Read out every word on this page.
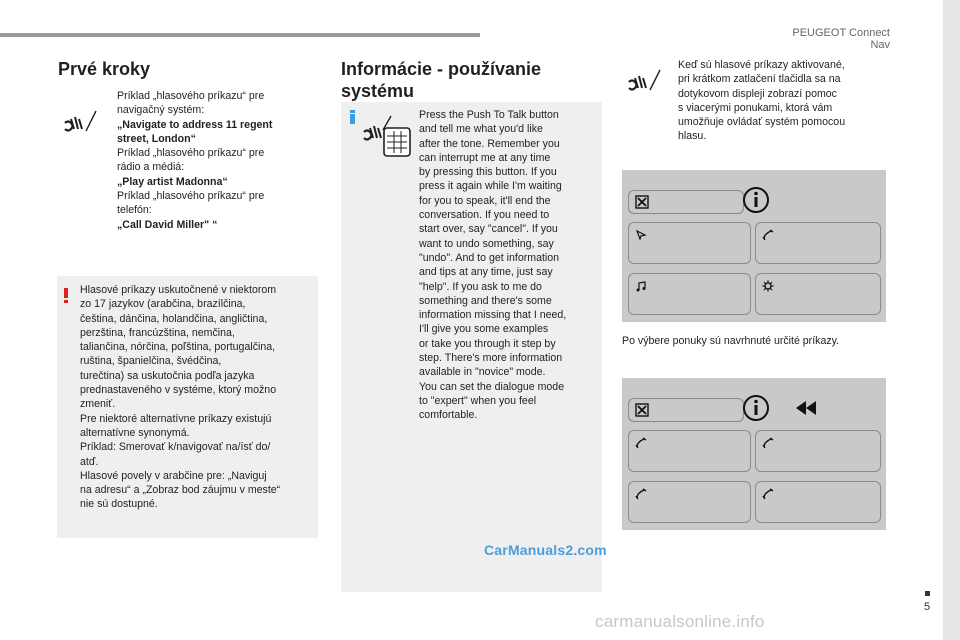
PEUGEOT Connect Nav
5
Prvé kroky

Príklad „hlasového príkazu“ pre

navigačný systém:

„Navigate to address 11 regent

street, London“

Príklad „hlasového príkazu“ pre

rádio a médiá:

„Play artist Madonna“

Príklad „hlasového príkazu“ pre

telefón:

„Call David Miller" “

Hlasové príkazy uskutočnené v niektorom

zo 17 jazykov (arabčina, brazílčina,

čeština, dánčina, holandčina, angličtina,

perzština, francúzština, nemčina,

taliančina, nórčina, poľština, portugalčina,

ruština, španielčina, švédčina,

turečtina) sa uskutočnia podľa jazyka

prednastaveného v systéme, ktorý možno

zmeniť.

Pre niektoré alternatívne príkazy existujú

alternatívne synonymá.

Príklad: Smerovať k/navigovať na/ísť do/

atď.

Hlasové povely v arabčine pre: „Naviguj

na adresu“ a „Zobraz bod záujmu v meste“

nie sú dostupné.

Informácie - používanie
systému

Press the Push To Talk button

and tell me what you'd like

after the tone. Remember you

can interrupt me at any time

by pressing this button. If you

press it again while I'm waiting

for you to speak, it'll end the

conversation. If you need to

start over, say "cancel". If you

want to undo something, say

"undo". And to get information

and tips at any time, just say

"help". If you ask to me do

something and there's some

information missing that I need,

I'll give you some examples

or take you through it step by

step. There's more information

available in "novice" mode.

You can set the dialogue mode

to "expert" when you feel

comfortable.

CarManuals2.com

Keď sú hlasové príkazy aktivované,

pri krátkom zatlačení tlačidla sa na

dotykovom displeji zobrazí pomoc

s viacerými ponukami, ktorá vám

umožňuje ovládať systém pomocou

hlasu.

Po výbere ponuky sú navrhnuté určité príkazy.
carmanualsonline.info
